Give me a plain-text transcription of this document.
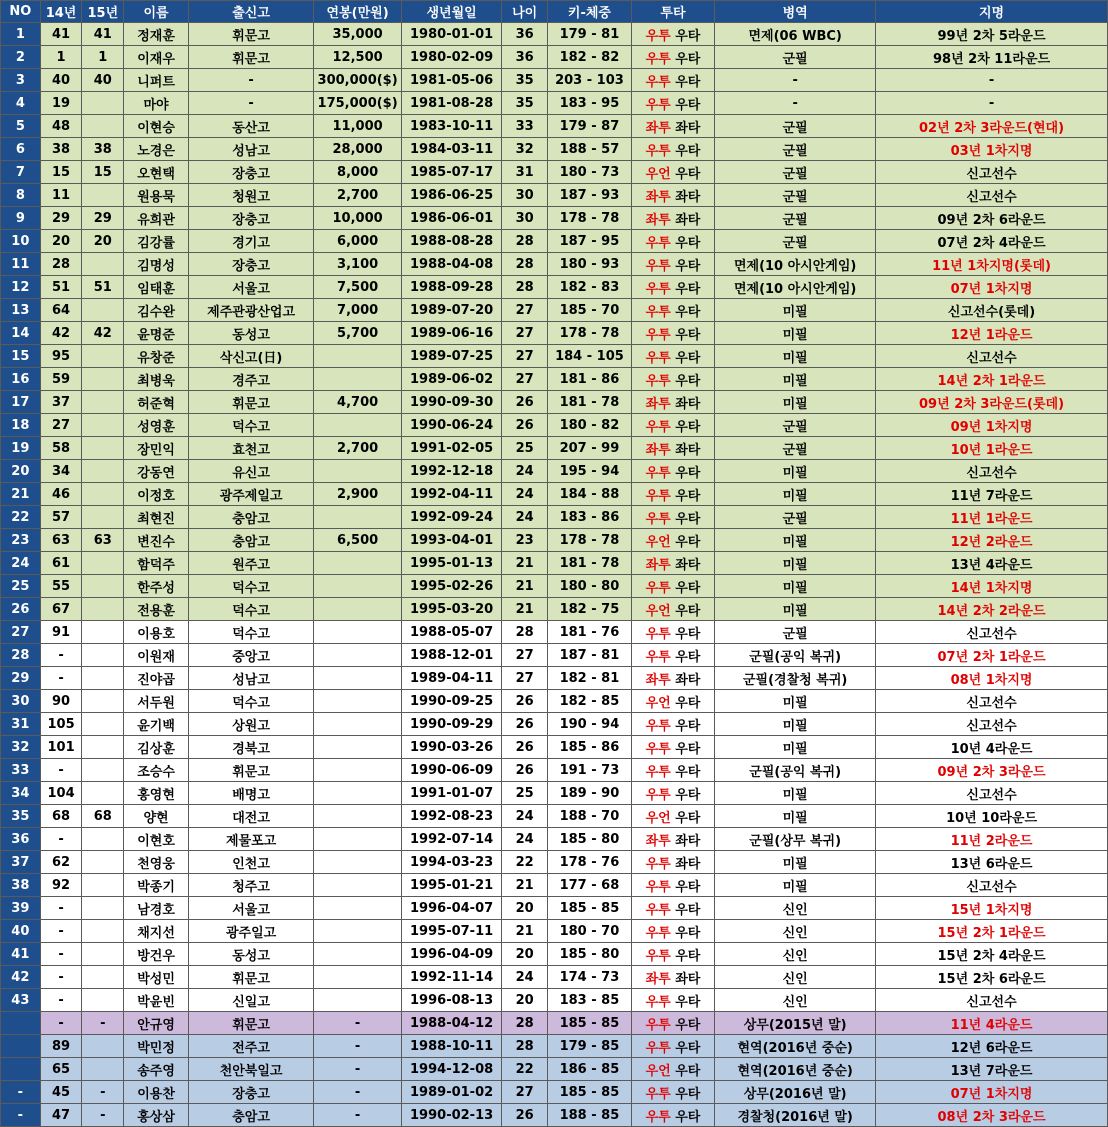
NO	14년	15년	이름	출신고	연봉(만원)	생년월일	나이	키-체중	투타	병역	지명
1	41	41	정재훈	휘문고	35,000	1980-01-01	36	179 - 81	우투 우타	면제(06 WBC)	99년 2차 5라운드
2	1	1	이재우	휘문고	12,500	1980-02-09	36	182 - 82	우투 우타	군필	98년 2차 11라운드
3	40	40	니퍼트	-	300,000($)	1981-05-06	35	203 - 103	우투 우타	-	-
4	19		마야	-	175,000($)	1981-08-28	35	183 - 95	우투 우타	-	-
5	48		이현승	동산고	11,000	1983-10-11	33	179 - 87	좌투 좌타	군필	02년 2차 3라운드(현대)
6	38	38	노경은	성남고	28,000	1984-03-11	32	188 - 57	우투 우타	군필	03년 1차지명
7	15	15	오현택	장충고	8,000	1985-07-17	31	180 - 73	우언 우타	군필	신고선수
8	11		원용묵	청원고	2,700	1986-06-25	30	187 - 93	좌투 좌타	군필	신고선수
9	29	29	유희관	장충고	10,000	1986-06-01	30	178 - 78	좌투 좌타	군필	09년 2차 6라운드
10	20	20	김강률	경기고	6,000	1988-08-28	28	187 - 95	우투 우타	군필	07년 2차 4라운드
11	28		김명성	장충고	3,100	1988-04-08	28	180 - 93	우투 우타	면제(10 아시안게임)	11년 1차지명(롯데)
12	51	51	임태훈	서울고	7,500	1988-09-28	28	182 - 83	우투 우타	면제(10 아시안게임)	07년 1차지명
13	64		김수완	제주관광산업고	7,000	1989-07-20	27	185 - 70	우투 우타	미필	신고선수(롯데)
14	42	42	윤명준	동성고	5,700	1989-06-16	27	178 - 78	우투 우타	미필	12년 1라운드
15	95		유창준	삭신고(日)		1989-07-25	27	184 - 105	우투 우타	미필	신고선수
16	59		최병욱	경주고		1989-06-02	27	181 - 86	우투 우타	미필	14년 2차 1라운드
17	37		허준혁	휘문고	4,700	1990-09-30	26	181 - 78	좌투 좌타	미필	09년 2차 3라운드(롯데)
18	27		성영훈	덕수고		1990-06-24	26	180 - 82	우투 우타	군필	09년 1차지명
19	58		장민익	효천고	2,700	1991-02-05	25	207 - 99	좌투 좌타	군필	10년 1라운드
20	34		강동연	유신고		1992-12-18	24	195 - 94	우투 우타	미필	신고선수
21	46		이정호	광주제일고	2,900	1992-04-11	24	184 - 88	우투 우타	미필	11년 7라운드
22	57		최현진	충암고		1992-09-24	24	183 - 86	우투 우타	군필	11년 1라운드
23	63	63	변진수	충암고	6,500	1993-04-01	23	178 - 78	우언 우타	미필	12년 2라운드
24	61		함덕주	원주고		1995-01-13	21	181 - 78	좌투 좌타	미필	13년 4라운드
25	55		한주성	덕수고		1995-02-26	21	180 - 80	우투 우타	미필	14년 1차지명
26	67		전용훈	덕수고		1995-03-20	21	182 - 75	우언 우타	미필	14년 2차 2라운드
27	91		이용호	덕수고		1988-05-07	28	181 - 76	우투 우타	군필	신고선수
28	-		이원재	중앙고		1988-12-01	27	187 - 81	우투 우타	군필(공익 복귀)	07년 2차 1라운드
29	-		진야곱	성남고		1989-04-11	27	182 - 81	좌투 좌타	군필(경찰청 복귀)	08년 1차지명
30	90		서두원	덕수고		1990-09-25	26	182 - 85	우언 우타	미필	신고선수
31	105		윤기백	상원고		1990-09-29	26	190 - 94	우투 우타	미필	신고선수
32	101		김상훈	경북고		1990-03-26	26	185 - 86	우투 우타	미필	10년 4라운드
33	-		조승수	휘문고		1990-06-09	26	191 - 73	우투 우타	군필(공익 복귀)	09년 2차 3라운드
34	104		홍영현	배명고		1991-01-07	25	189 - 90	우투 우타	미필	신고선수
35	68	68	양현	대전고		1992-08-23	24	188 - 70	우언 우타	미필	10년 10라운드
36	-		이현호	제물포고		1992-07-14	24	185 - 80	좌투 좌타	군필(상무 복귀)	11년 2라운드
37	62		천영웅	인천고		1994-03-23	22	178 - 76	우투 좌타	미필	13년 6라운드
38	92		박종기	청주고		1995-01-21	21	177 - 68	우투 우타	미필	신고선수
39	-		남경호	서울고		1996-04-07	20	185 - 85	우투 우타	신인	15년 1차지명
40	-		채지선	광주일고		1995-07-11	21	180 - 70	우투 우타	신인	15년 2차 1라운드
41	-		방건우	동성고		1996-04-09	20	185 - 80	우투 우타	신인	15년 2차 4라운드
42	-		박성민	휘문고		1992-11-14	24	174 - 73	좌투 좌타	신인	15년 2차 6라운드
43	-		박윤빈	신일고		1996-08-13	20	183 - 85	우투 우타	신인	신고선수
	-	-	안규영	휘문고	-	1988-04-12	28	185 - 85	우투 우타	상무(2015년 말)	11년 4라운드
	89		박민정	전주고	-	1988-10-11	28	179 - 85	우투 우타	현역(2016년 중순)	12년 6라운드
	65		송주영	천안북일고	-	1994-12-08	22	186 - 85	우언 우타	현역(2016년 중순)	13년 7라운드
-	45	-	이용찬	장충고	-	1989-01-02	27	185 - 85	우투 우타	상무(2016년 말)	07년 1차지명
-	47	-	홍상삼	충암고	-	1990-02-13	26	188 - 85	우투 우타	경찰청(2016년 말)	08년 2차 3라운드
